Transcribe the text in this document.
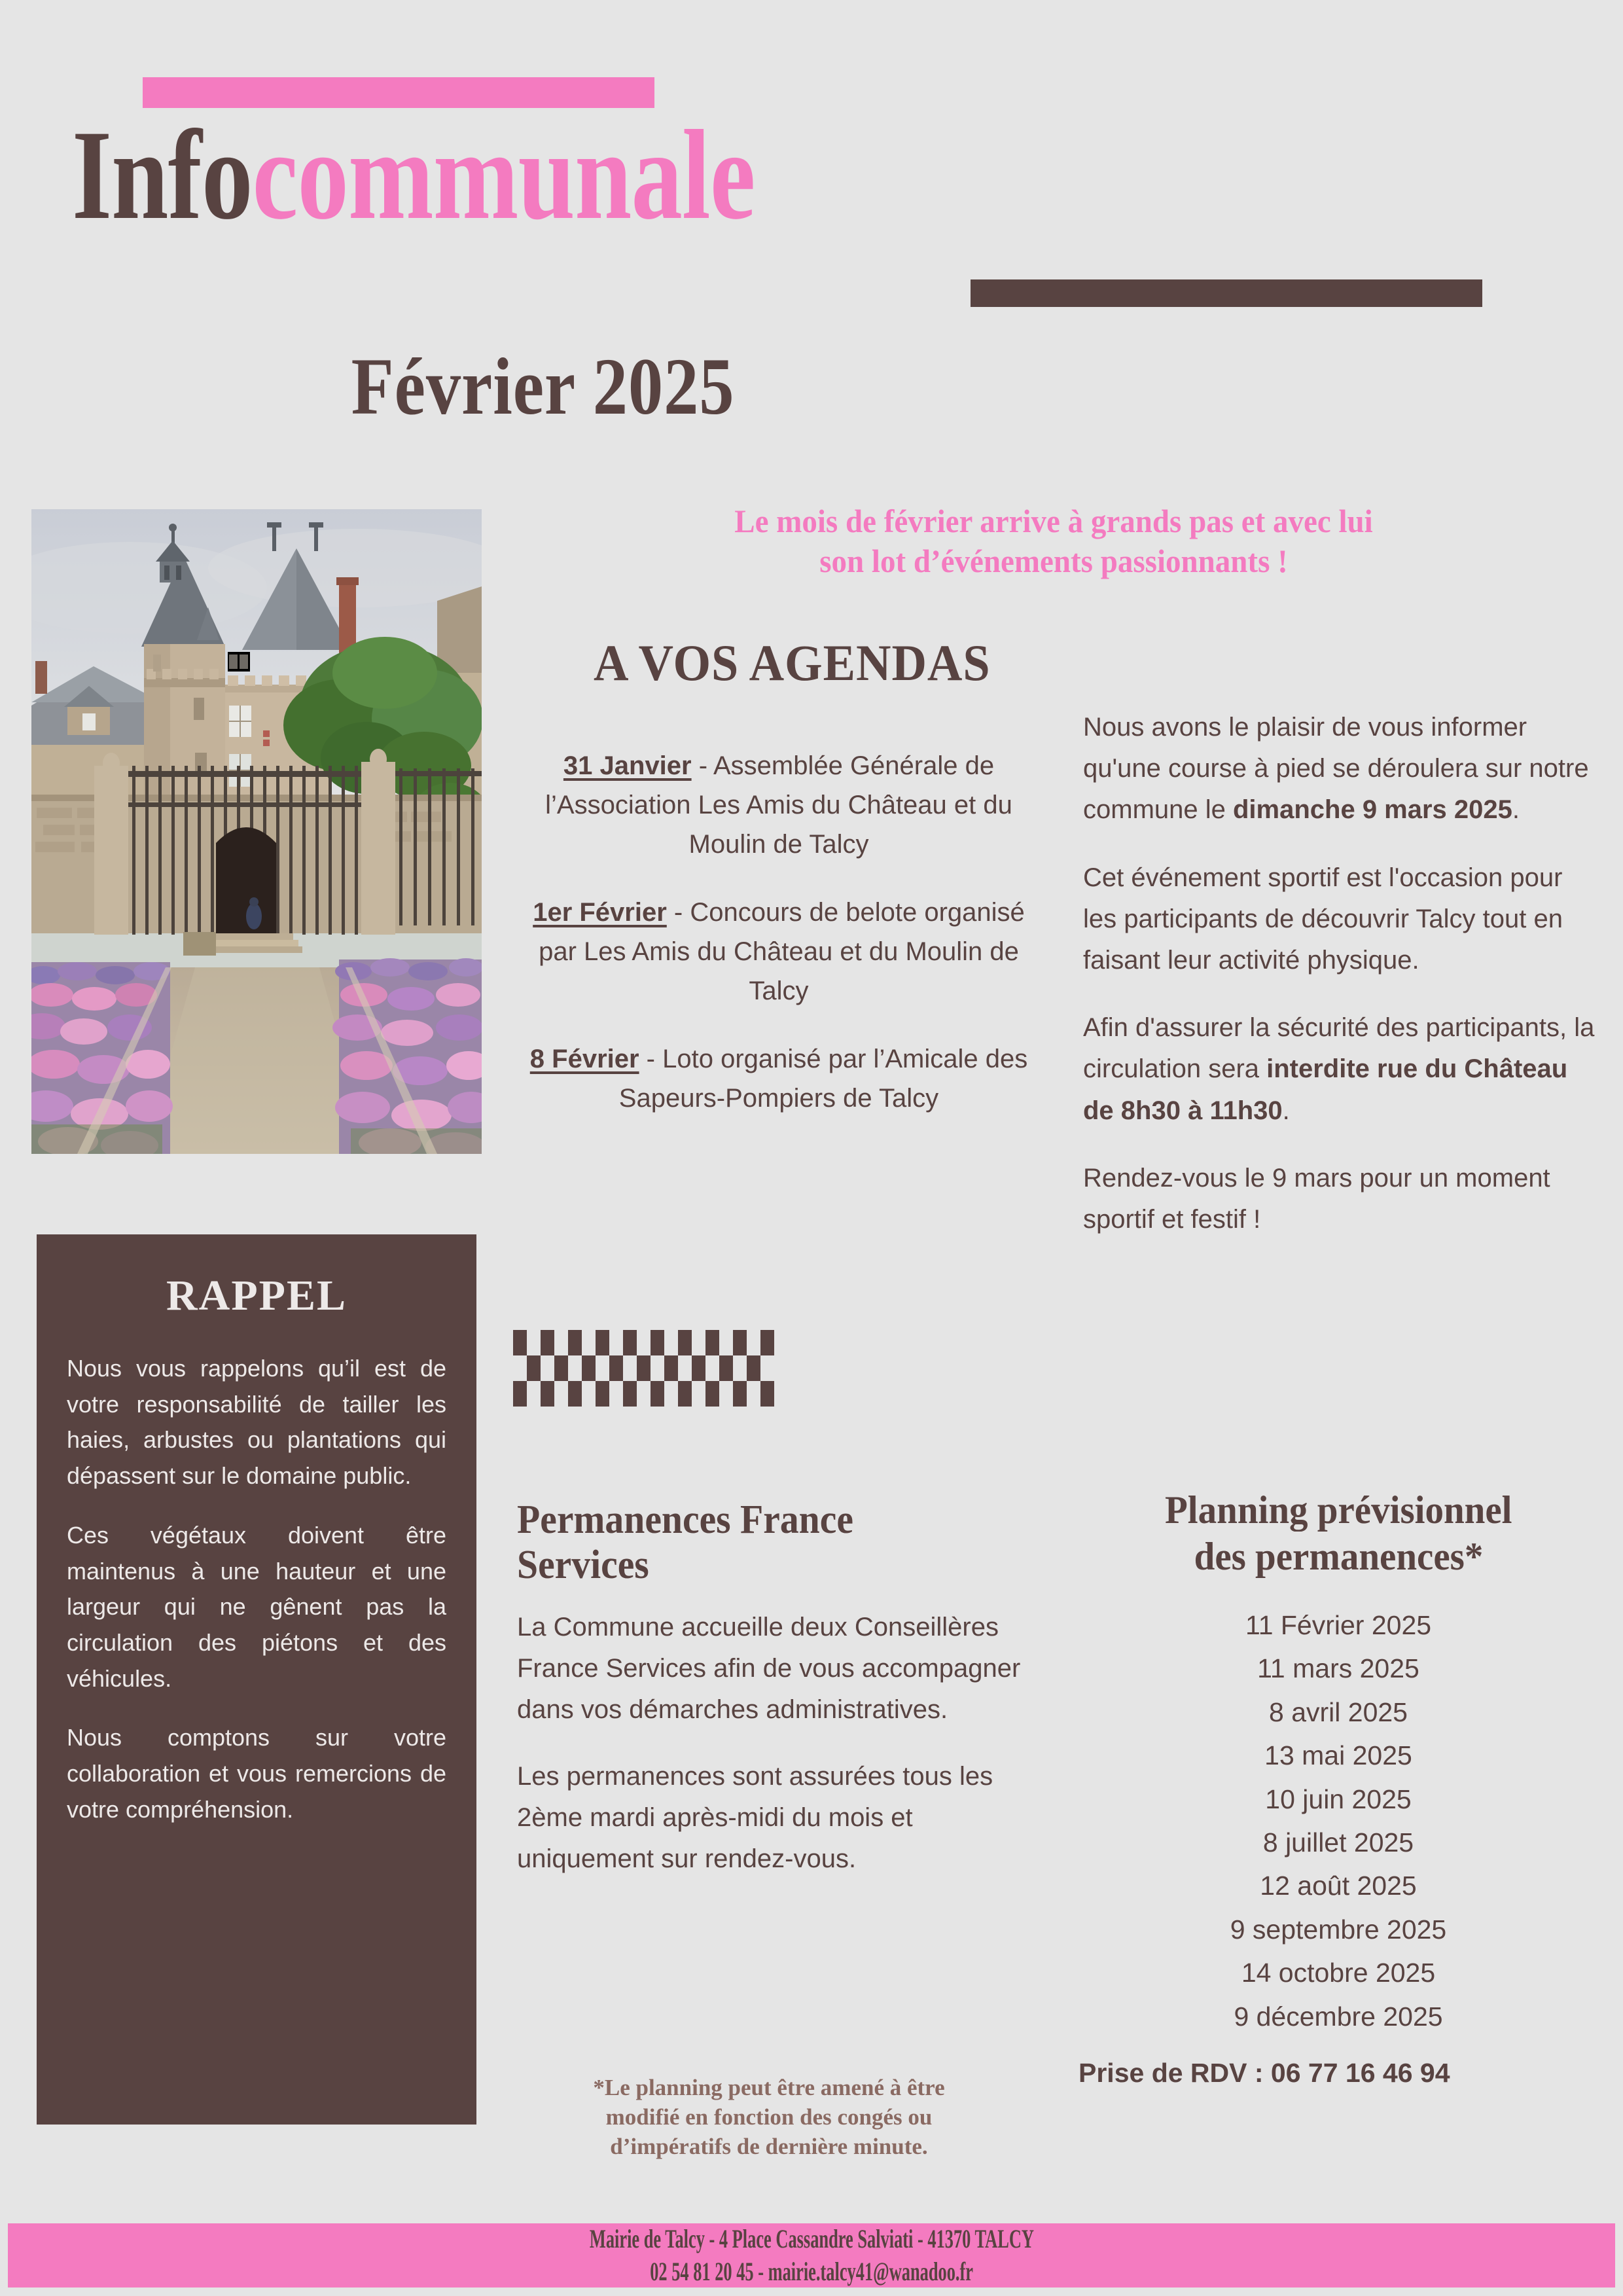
Infocommunale
Février 2025
Le mois de février arrive à grands pas et avec lui
son lot d’événements passionnants !
A VOS AGENDAS
31 Janvier - Assemblée Générale de l’Association Les Amis du Château et du Moulin de Talcy
1er Février - Concours de belote organisé par Les Amis du Château et du Moulin de Talcy
8 Février - Loto organisé par l’Amicale des Sapeurs-Pompiers de Talcy

Nous avons le plaisir de vous informer qu'une course à pied se déroulera sur notre commune le dimanche 9 mars 2025.

Cet événement sportif est l'occasion pour les participants de découvrir Talcy tout en faisant leur activité physique.

Afin d'assurer la sécurité des participants, la circulation sera interdite rue du Château de 8h30 à 11h30.

Rendez-vous le 9 mars pour un moment sportif et festif !

RAPPEL

Nous vous rappelons qu’il est de votre responsabilité de tailler les haies, arbustes ou plantations qui dépassent sur le domaine public.

Ces végétaux doivent être maintenus à une hauteur et une largeur qui ne gênent pas la circulation des piétons et des véhicules.

Nous comptons sur votre collaboration et vous remercions de votre compréhension.

Permanences France
Services

La Commune accueille deux Conseillères France Services afin de vous accompagner dans vos démarches administratives.

Les permanences sont assurées tous les 2ème mardi après-midi du mois et uniquement sur rendez-vous.

*Le planning peut être amené à être
modifié en fonction des congés ou
d’impératifs de dernière minute.
Planning prévisionnel
des permanences*
11 Février 2025
11 mars 2025
8 avril 2025
13 mai 2025
10 juin 2025
8 juillet 2025
12 août 2025
9 septembre 2025
14 octobre 2025
9 décembre 2025
Prise de RDV : 06 77 16 46 94
Mairie de Talcy - 4 Place Cassandre Salviati - 41370 TALCY
02 54 81 20 45 - mairie.talcy41@wanadoo.fr
